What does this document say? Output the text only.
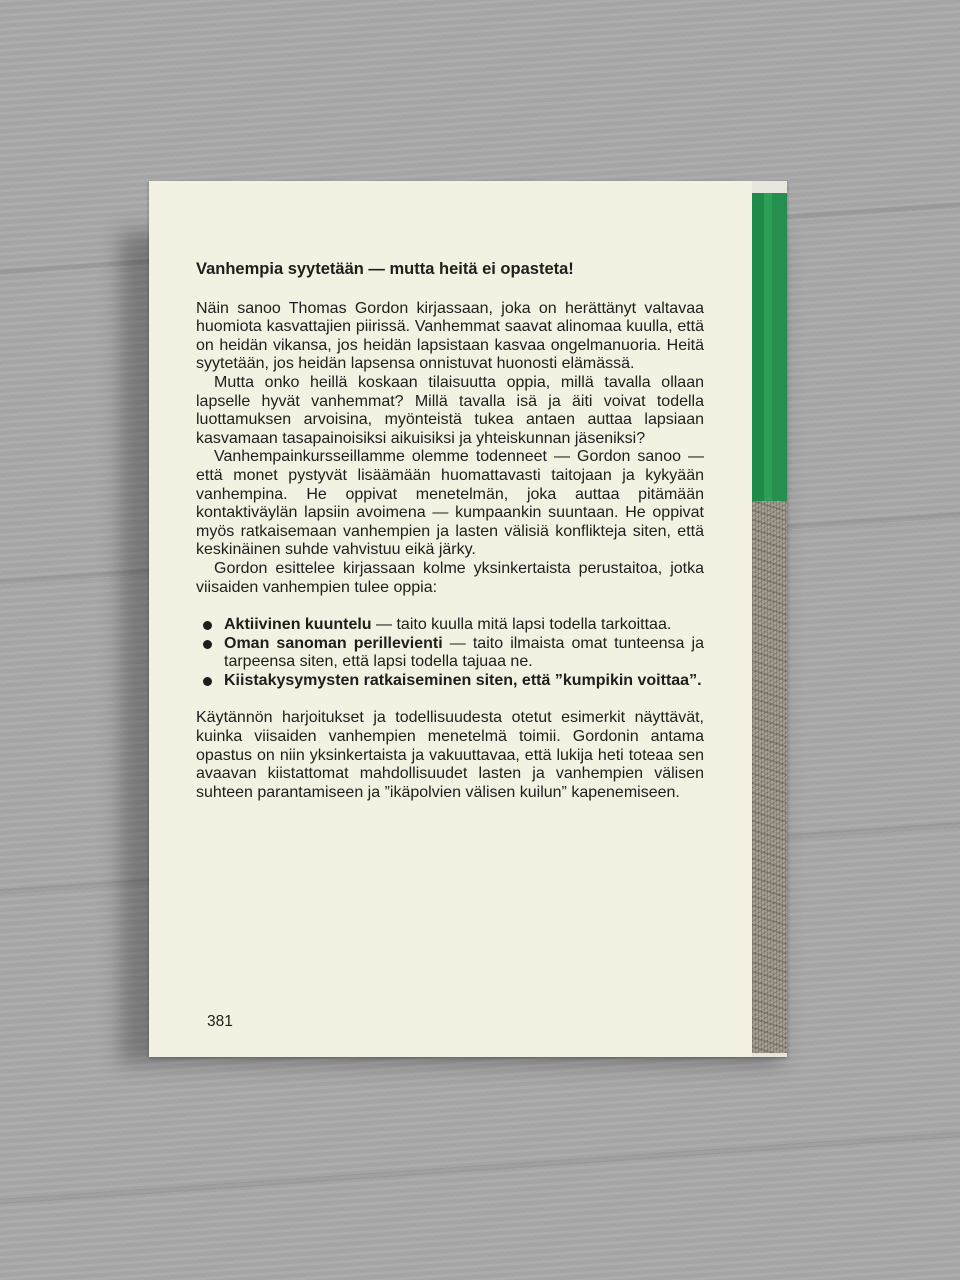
Vanhempia syytetään — mutta heitä ei opasteta!

Näin sanoo Thomas Gordon kirjassaan, joka on herättänyt valtavaa huomiota kasvattajien piirissä. Vanhemmat saavat alinomaa kuulla, että on heidän vikansa, jos heidän lapsistaan kasvaa ongelmanuoria. Heitä syytetään, jos heidän lapsensa onnistuvat huonosti elämässä.

Mutta onko heillä koskaan tilaisuutta oppia, millä tavalla ollaan lapselle hyvät vanhemmat? Millä tavalla isä ja äiti voivat todella luottamuksen arvoisina, myönteistä tukea antaen auttaa lapsiaan kasvamaan tasapainoisiksi aikuisiksi ja yhteiskunnan jäseniksi?

Vanhempainkursseillamme olemme todenneet — Gordon sanoo — että monet pystyvät lisäämään huomattavasti taitojaan ja kykyään vanhempina. He oppivat menetelmän, joka auttaa pitämään kontaktiväylän lapsiin avoimena — kumpaankin suuntaan. He oppivat myös ratkaisemaan vanhempien ja lasten välisiä konflikteja siten, että keskinäinen suhde vahvistuu eikä järky.

Gordon esittelee kirjassaan kolme yksinkertaista perustaitoa, jotka viisaiden vanhempien tulee oppia:

Aktiivinen kuuntelu — taito kuulla mitä lapsi todella tarkoittaa.
Oman sanoman perillevienti — taito ilmaista omat tunteensa ja tarpeensa siten, että lapsi todella tajuaa ne.
Kiistakysymysten ratkaiseminen siten, että ”kumpikin voittaa”.

Käytännön harjoitukset ja todellisuudesta otetut esimerkit näyttävät, kuinka viisaiden vanhempien menetelmä toimii. Gordonin antama opastus on niin yksinkertaista ja vakuuttavaa, että lukija heti toteaa sen avaavan kiistattomat mahdollisuudet lasten ja vanhempien välisen suhteen parantamiseen ja ”ikäpolvien välisen kuilun” kapenemiseen.

381
